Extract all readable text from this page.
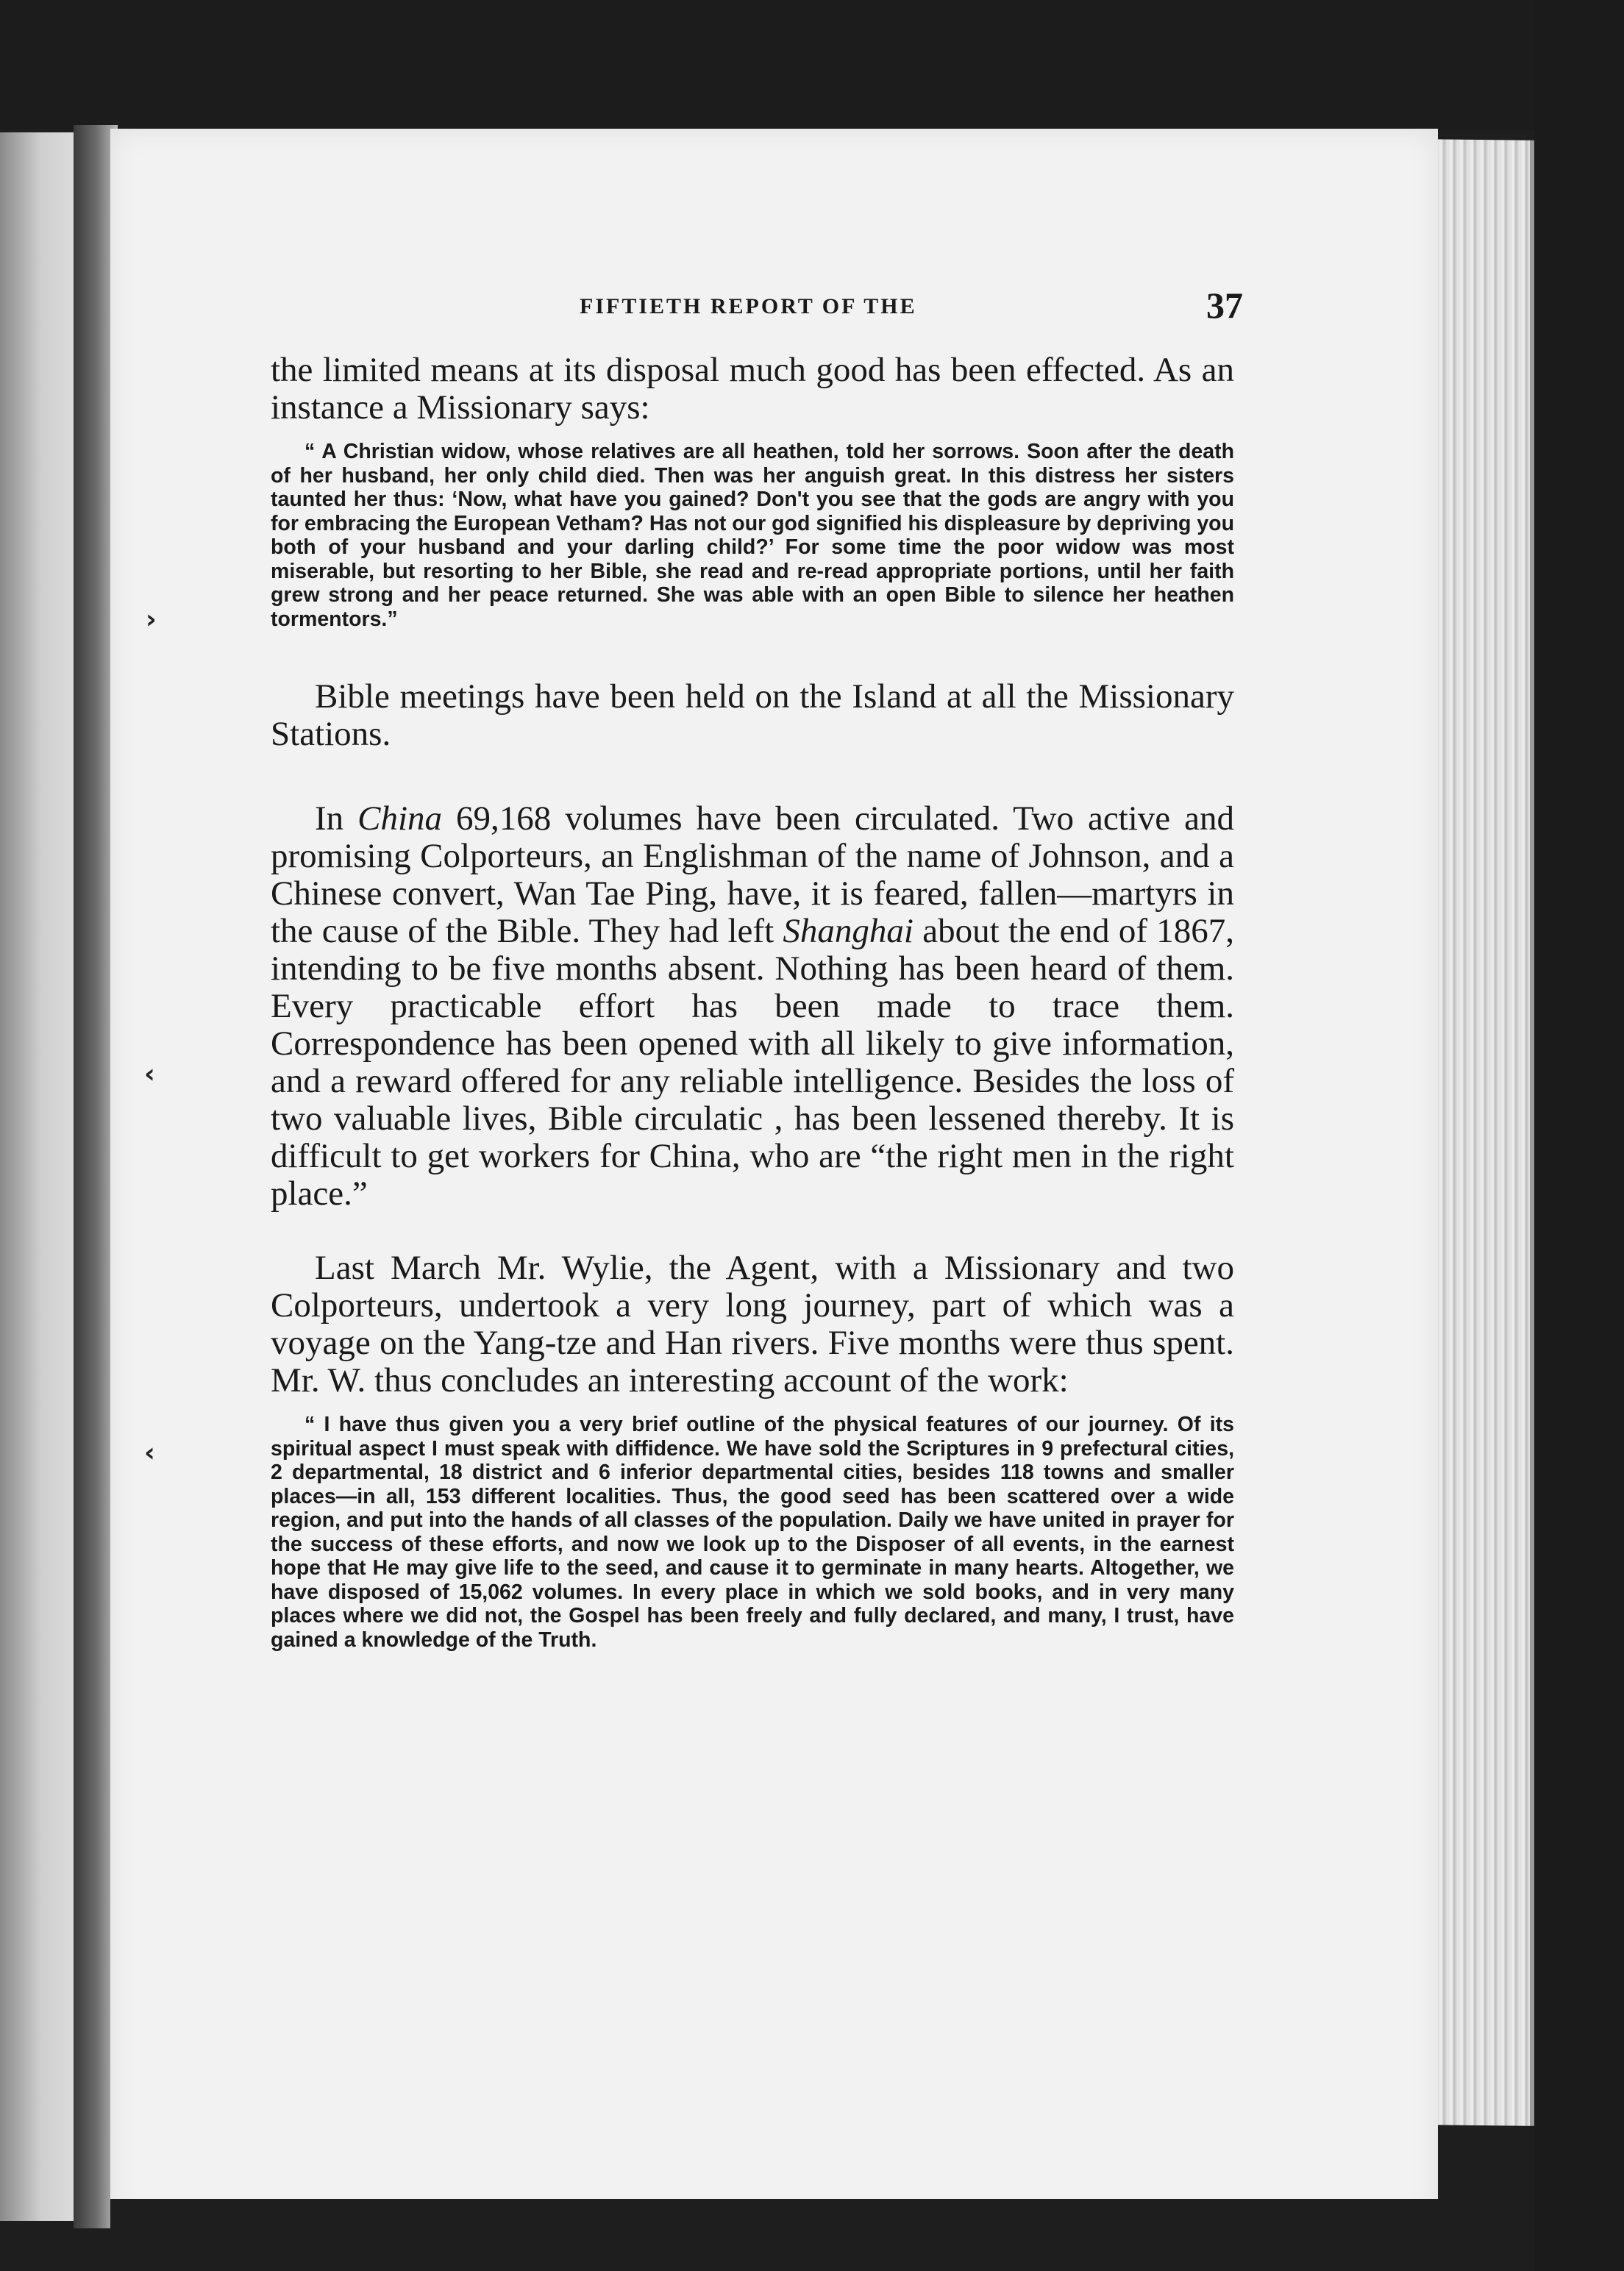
›
‹
‹
FIFTIETH REPORT OF THE	37

the limited means at its disposal much good has been effected. As an instance a Missionary says:

“ A Christian widow, whose relatives are all heathen, told her sorrows. Soon after the death of her husband, her only child died. Then was her anguish great. In this distress her sisters taunted her thus: ‘Now, what have you gained? Don't you see that the gods are angry with you for embracing the European Vetham? Has not our god signified his displeasure by depriving you both of your husband and your darling child?’ For some time the poor widow was most miserable, but resorting to her Bible, she read and re-read appropriate portions, until her faith grew strong and her peace returned. She was able with an open Bible to silence her heathen tormentors.”

Bible meetings have been held on the Island at all the Missionary Stations.

In China 69,168 volumes have been circulated. Two active and promising Colporteurs, an Englishman of the name of Johnson, and a Chinese convert, Wan Tae Ping, have, it is feared, fallen—martyrs in the cause of the Bible. They had left Shanghai about the end of 1867, intending to be five months absent. Nothing has been heard of them. Every practicable effort has been made to trace them. Correspondence has been opened with all likely to give information, and a reward offered for any reliable intelligence. Besides the loss of two valuable lives, Bible circulatic , has been lessened thereby. It is difficult to get workers for China, who are “the right men in the right place.”

Last March Mr. Wylie, the Agent, with a Missionary and two Colporteurs, undertook a very long journey, part of which was a voyage on the Yang-tze and Han rivers. Five months were thus spent. Mr. W. thus concludes an interesting account of the work:

“ I have thus given you a very brief outline of the physical features of our journey. Of its spiritual aspect I must speak with diffidence. We have sold the Scriptures in 9 prefectural cities, 2 departmental, 18 district and 6 inferior departmental cities, besides 118 towns and smaller places—in all, 153 different localities. Thus, the good seed has been scattered over a wide region, and put into the hands of all classes of the population. Daily we have united in prayer for the success of these efforts, and now we look up to the Disposer of all events, in the earnest hope that He may give life to the seed, and cause it to germinate in many hearts. Altogether, we have disposed of 15,062 volumes. In every place in which we sold books, and in very many places where we did not, the Gospel has been freely and fully declared, and many, I trust, have gained a knowledge of the Truth.
